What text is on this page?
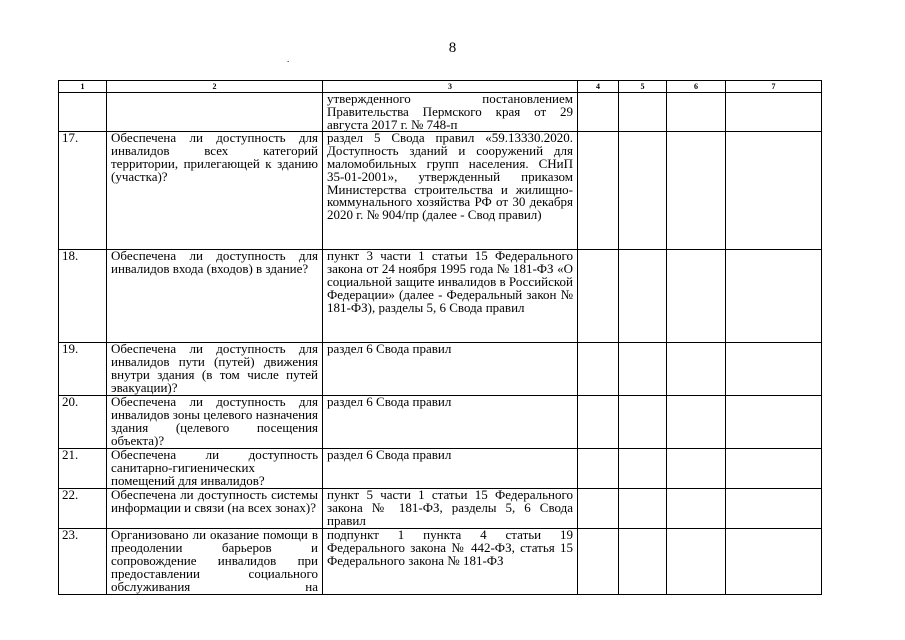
8
.
1	2	3	4	5	6	7
		утвержденного постановлением Правительства Пермского края от 29 августа 2017 г. № 748-п				
17.	Обеспечена ли доступность для инвалидов всех категорий территории, прилегающей к зданию (участка)?	раздел 5 Свода правил «59.13330.2020. Доступность зданий и сооружений для маломобильных групп населения. СНиП 35-01-2001», утвержденный приказом Министерства строительства и жилищно-коммунального хозяйства РФ от 30 декабря 2020 г. № 904/пр (далее - Свод правил)				
18.	Обеспечена ли доступность для инвалидов входа (входов) в здание?	пункт 3 части 1 статьи 15 Федерального закона от 24 ноября 1995 года № 181-ФЗ «О социальной защите инвалидов в Российской Федерации» (далее - Федеральный закон № 181-ФЗ), разделы 5, 6 Свода правил				
19.	Обеспечена ли доступность для инвалидов пути (путей) движения внутри здания (в том числе путей эвакуации)?	раздел 6 Свода правил				
20.	Обеспечена ли доступность для инвалидов зоны целевого назначения здания (целевого посещения объекта)?	раздел 6 Свода правил				
21.	Обеспечена ли доступность санитарно-гигиенических помещений для инвалидов?	раздел 6 Свода правил				
22.	Обеспечена ли доступность системы информации и связи (на всех зонах)?	пункт 5 части 1 статьи 15 Федерального закона № 181-ФЗ, разделы 5, 6 Свода правил				
23.	Организовано ли оказание помощи в преодолении барьеров и сопровождение инвалидов при предоставлении социального обслуживания на	подпункт 1 пункта 4 статьи 19 Федерального закона № 442-ФЗ, статья 15 Федерального закона № 181-ФЗ				
